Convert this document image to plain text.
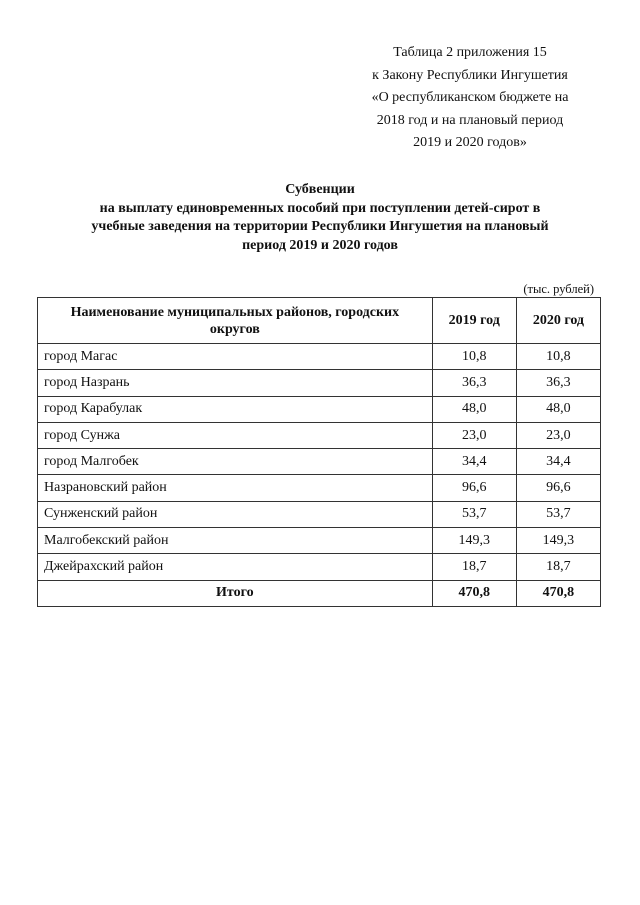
Таблица 2 приложения 15
к Закону Республики Ингушетия
«О республиканском бюджете на
2018 год и на плановый период
2019 и 2020 годов»
Субвенции
на выплату единовременных пособий при поступлении детей-сирот в
учебные заведения на территории Республики Ингушетия на плановый
период 2019 и 2020 годов
(тыс. рублей)
Наименование муниципальных районов, городских округов	2019 год	2020 год
город Магас	10,8	10,8
город Назрань	36,3	36,3
город Карабулак	48,0	48,0
город Сунжа	23,0	23,0
город Малгобек	34,4	34,4
Назрановский район	96,6	96,6
Сунженский район	53,7	53,7
Малгобекский район	149,3	149,3
Джейрахский район	18,7	18,7
Итого	470,8	470,8
